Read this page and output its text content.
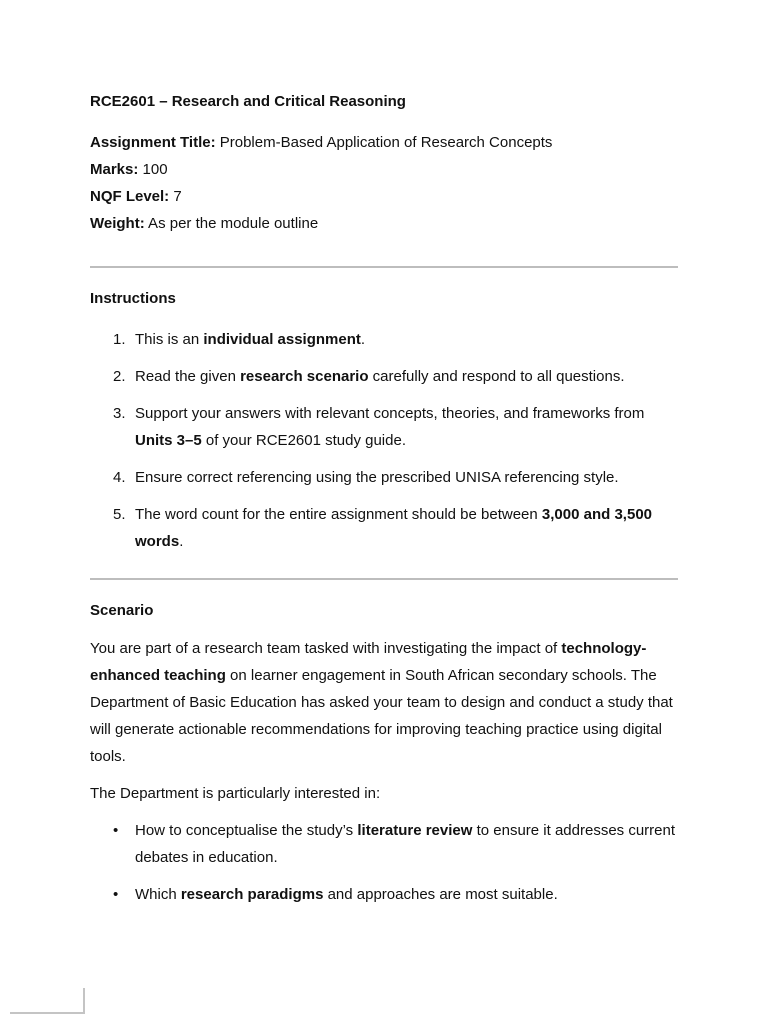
RCE2601 – Research and Critical Reasoning

Assignment Title: Problem-Based Application of Research Concepts

Marks: 100

NQF Level: 7

Weight: As per the module outline

Instructions

1. This is an individual assignment.
2. Read the given research scenario carefully and respond to all questions.
3. Support your answers with relevant concepts, theories, and frameworks from Units 3–5 of your RCE2601 study guide.
4. Ensure correct referencing using the prescribed UNISA referencing style.
5. The word count for the entire assignment should be between 3,000 and 3,500 words.

Scenario

You are part of a research team tasked with investigating the impact of technology-enhanced teaching on learner engagement in South African secondary schools. The Department of Basic Education has asked your team to design and conduct a study that will generate actionable recommendations for improving teaching practice using digital tools.

The Department is particularly interested in:

• How to conceptualise the study’s literature review to ensure it addresses current debates in education.
• Which research paradigms and approaches are most suitable.
